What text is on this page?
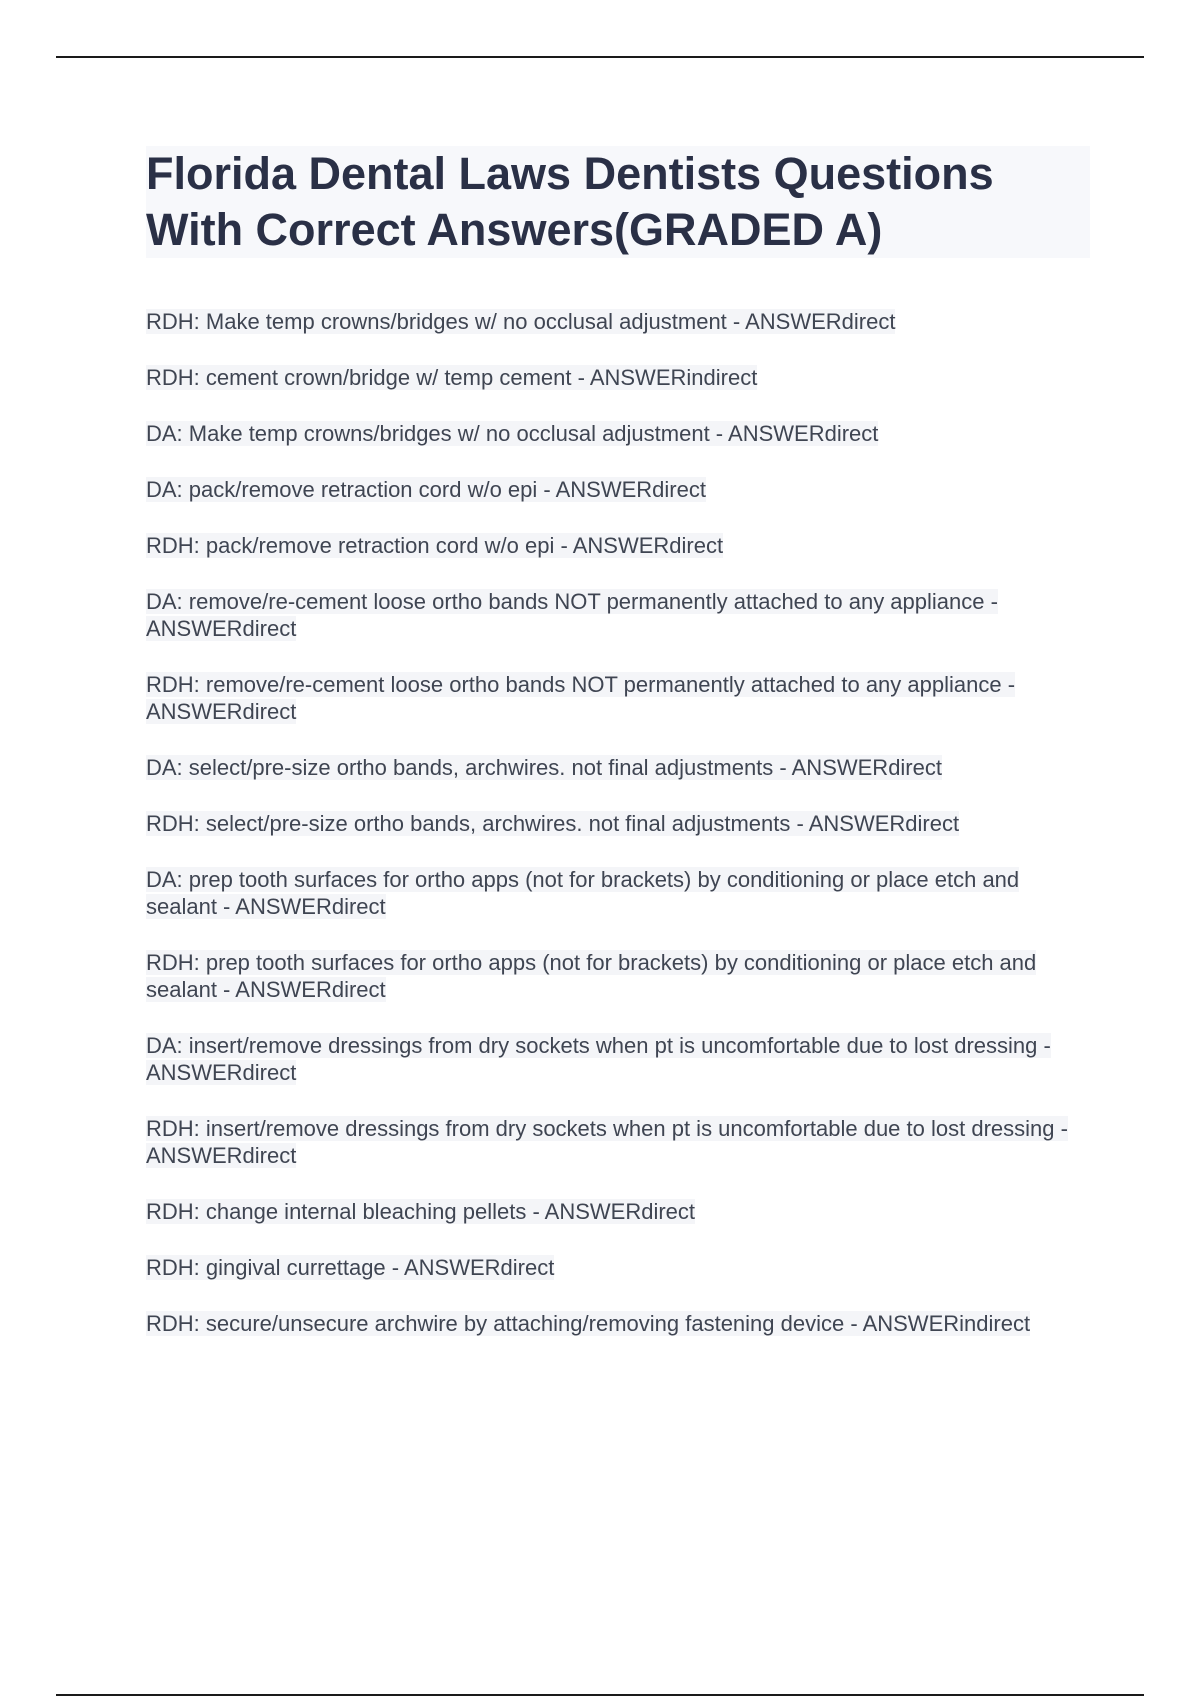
Florida Dental Laws Dentists Questions With Correct Answers(GRADED A)
RDH: Make temp crowns/bridges w/ no occlusal adjustment - ANSWERdirect
RDH: cement crown/bridge w/ temp cement - ANSWERindirect
DA: Make temp crowns/bridges w/ no occlusal adjustment - ANSWERdirect
DA: pack/remove retraction cord w/o epi - ANSWERdirect
RDH: pack/remove retraction cord w/o epi - ANSWERdirect
DA: remove/re-cement loose ortho bands NOT permanently attached to any appliance - ANSWERdirect
RDH: remove/re-cement loose ortho bands NOT permanently attached to any appliance - ANSWERdirect
DA: select/pre-size ortho bands, archwires. not final adjustments - ANSWERdirect
RDH: select/pre-size ortho bands, archwires. not final adjustments - ANSWERdirect
DA: prep tooth surfaces for ortho apps (not for brackets) by conditioning or place etch and sealant - ANSWERdirect
RDH: prep tooth surfaces for ortho apps (not for brackets) by conditioning or place etch and sealant - ANSWERdirect
DA: insert/remove dressings from dry sockets when pt is uncomfortable due to lost dressing - ANSWERdirect
RDH: insert/remove dressings from dry sockets when pt is uncomfortable due to lost dressing - ANSWERdirect
RDH: change internal bleaching pellets - ANSWERdirect
RDH: gingival currettage - ANSWERdirect
RDH: secure/unsecure archwire by attaching/removing fastening device - ANSWERindirect
